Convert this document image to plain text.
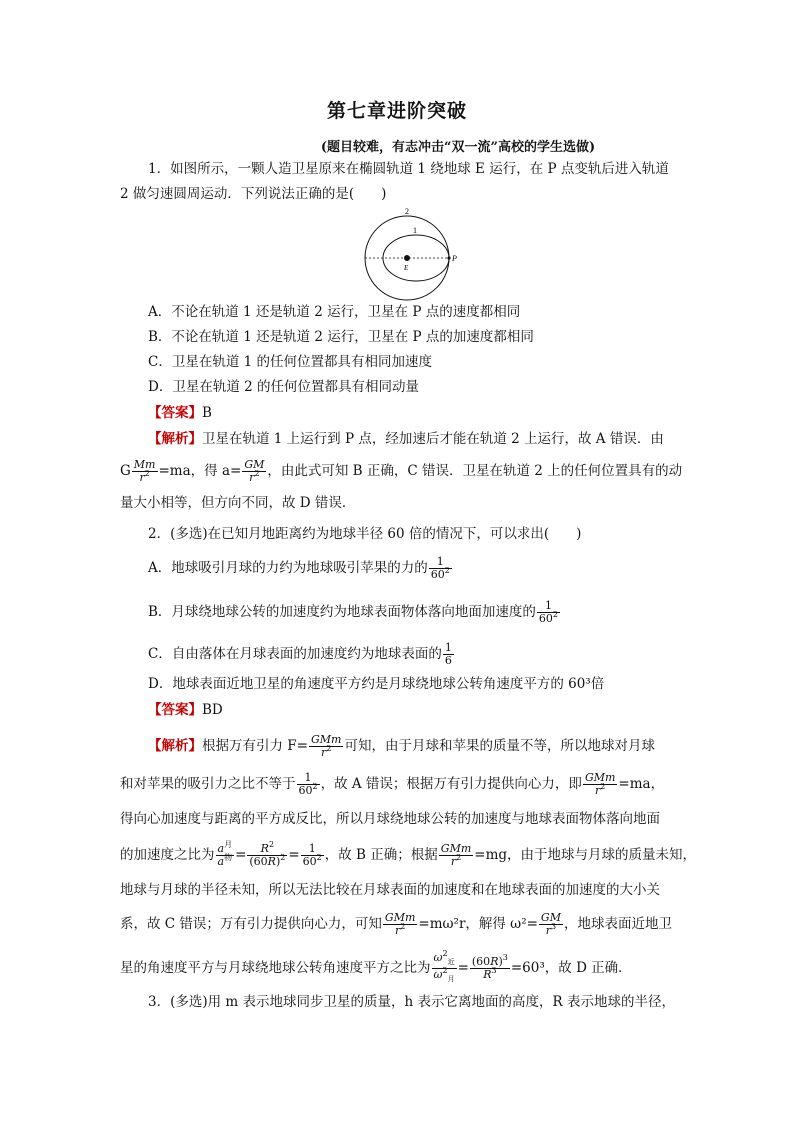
第七章进阶突破
(题目较难，有志冲击“双一流”高校的学生选做)
1．如图所示，一颗人造卫星原来在椭圆轨道 1 绕地球 E 运行，在 P 点变轨后进入轨道
2 做匀速圆周运动．下列说法正确的是(　　)
2
1
E
P
A．不论在轨道 1 还是轨道 2 运行，卫星在 P 点的速度都相同
B．不论在轨道 1 还是轨道 2 运行，卫星在 P 点的加速度都相同
C．卫星在轨道 1 的任何位置都具有相同加速度
D．卫星在轨道 2 的任何位置都具有相同动量
【答案】B
【解析】卫星在轨道 1 上运行到 P 点，经加速后才能在轨道 2 上运行，故 A 错误．由
G $\frac{Mm}{r^2} =ma$，得 $a= \frac{GM}{r^2}$ ，由此式可知 B 正确，C 错误．卫星在轨道 2 上的任何位置具有的动
量大小相等，但方向不同，故 D 错误．
2．(多选)在已知月地距离约为地球半径 60 倍的情况下，可以求出(　　)
A．地球吸引月球的力约为地球吸引苹果的力的 $\frac{1}{60^2}$
B．月球绕地球公转的加速度约为地球表面物体落向地面加速度的 $\frac{1}{60^2}$
C．自由落体在月球表面的加速度约为地球表面的 $\frac{1}{6}$
D．地球表面近地卫星的角速度平方约是月球绕地球公转角速度平方的 60³倍
【答案】BD
【解析】根据万有引力 $F= \frac{\text{GMm}}{r^2}$ 可知，由于月球和苹果的质量不等，所以地球对月球
和对苹果的吸引力之比不等于 $\frac{1}{60^2}$ ，故 A 错误；根据万有引力提供向心力，即 $\frac{\text{GMm}}{r^2} =ma$，
得向心加速度与距离的平方成反比，所以月球绕地球公转的加速度与地球表面物体落向地面
的加速度之比为 $\frac{a^月}{a^物} = \frac{R^2}{(60R)^2} = \frac{1}{60^2}$ ，故 B 正确；根据 $\frac{\text{GMm}}{r^2} =mg$，由于地球与月球的质量未知，
地球与月球的半径未知，所以无法比较在月球表面的加速度和在地球表面的加速度的大小关
系，故 C 错误；万有引力提供向心力，可知 $\frac{\text{GMm}}{r^2} =m\omega^2r$，解得 $\omega^2= \frac{GM}{r^3}$ ，地球表面近地卫
星的角速度平方与月球绕地球公转角速度平方之比为 $\frac{\omega^2_近}{\omega^2_月} = \frac{(60R)^3}{R^3} =60^3$，故 D 正确．
3．(多选)用 m 表示地球同步卫星的质量，h 表示它离地面的高度，R 表示地球的半径，
